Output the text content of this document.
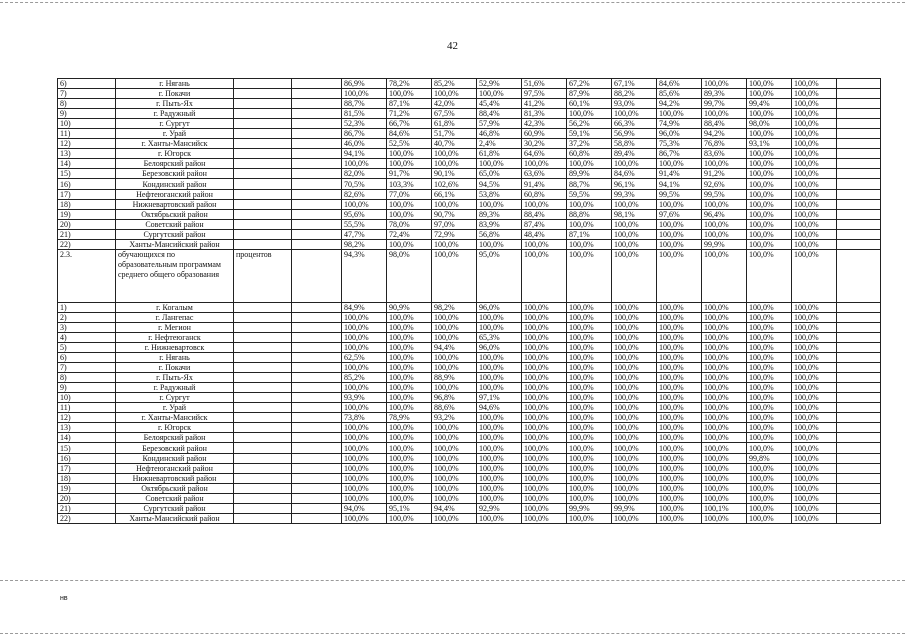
42
6)	г. Нягань			86,9%	78,2%	85,2%	52,9%	51,6%	67,2%	67,1%	84,6%	100,0%	100,0%	100,0%	
7)	г. Покачи			100,0%	100,0%	100,0%	100,0%	97,5%	87,9%	88,2%	85,6%	89,3%	100,0%	100,0%	
8)	г. Пыть-Ях			88,7%	87,1%	42,0%	45,4%	41,2%	60,1%	93,0%	94,2%	99,7%	99,4%	100,0%	
9)	г. Радужный			81,5%	71,2%	67,5%	88,4%	81,3%	100,0%	100,0%	100,0%	100,0%	100,0%	100,0%	
10)	г. Сургут			52,3%	66,7%	61,8%	57,9%	42,3%	56,2%	66,3%	74,9%	88,4%	98,0%	100,0%	
11)	г. Урай			86,7%	84,6%	51,7%	46,8%	60,9%	59,1%	56,9%	96,0%	94,2%	100,0%	100,0%	
12)	г. Ханты-Мансийск			46,0%	52,5%	40,7%	2,4%	30,2%	37,2%	58,8%	75,3%	76,8%	93,1%	100,0%	
13)	г. Югорск			94,1%	100,0%	100,0%	61,8%	64,6%	60,8%	89,4%	86,7%	83,6%	100,0%	100,0%	
14)	Белоярский район			100,0%	100,0%	100,0%	100,0%	100,0%	100,0%	100,0%	100,0%	100,0%	100,0%	100,0%	
15)	Березовский район			82,0%	91,7%	90,1%	65,0%	63,6%	89,9%	84,6%	91,4%	91,2%	100,0%	100,0%	
16)	Кондинский район			70,5%	103,3%	102,6%	94,5%	91,4%	88,7%	96,1%	94,1%	92,6%	100,0%	100,0%	
17)	Нефтеюганский район			82,6%	77,0%	66,1%	53,8%	60,8%	59,5%	99,3%	99,5%	99,5%	100,0%	100,0%	
18)	Нижневартовский район			100,0%	100,0%	100,0%	100,0%	100,0%	100,0%	100,0%	100,0%	100,0%	100,0%	100,0%	
19)	Октябрьский район			95,6%	100,0%	90,7%	89,3%	88,4%	88,8%	98,1%	97,6%	96,4%	100,0%	100,0%	
20)	Советский район			55,5%	78,0%	97,0%	83,9%	87,4%	100,0%	100,0%	100,0%	100,0%	100,0%	100,0%	
21)	Сургутский район			47,7%	72,4%	72,9%	56,8%	48,4%	87,1%	100,0%	100,0%	100,0%	100,0%	100,0%	
22)	Ханты-Мансийский район			98,2%	100,0%	100,0%	100,0%	100,0%	100,0%	100,0%	100,0%	99,9%	100,0%	100,0%	
2.3.	обучающихся по образовательным программам среднего общего образования	процентов		94,3%	98,0%	100,0%	95,0%	100,0%	100,0%	100,0%	100,0%	100,0%	100,0%	100,0%	
1)	г. Когалым			84,9%	90,9%	98,2%	96,0%	100,0%	100,0%	100,0%	100,0%	100,0%	100,0%	100,0%	
2)	г. Лангепас			100,0%	100,0%	100,0%	100,0%	100,0%	100,0%	100,0%	100,0%	100,0%	100,0%	100,0%	
3)	г. Мегион			100,0%	100,0%	100,0%	100,0%	100,0%	100,0%	100,0%	100,0%	100,0%	100,0%	100,0%	
4)	г. Нефтеюганск			100,0%	100,0%	100,0%	65,3%	100,0%	100,0%	100,0%	100,0%	100,0%	100,0%	100,0%	
5)	г. Нижневартовск			100,0%	100,0%	94,4%	96,0%	100,0%	100,0%	100,0%	100,0%	100,0%	100,0%	100,0%	
6)	г. Нягань			62,5%	100,0%	100,0%	100,0%	100,0%	100,0%	100,0%	100,0%	100,0%	100,0%	100,0%	
7)	г. Покачи			100,0%	100,0%	100,0%	100,0%	100,0%	100,0%	100,0%	100,0%	100,0%	100,0%	100,0%	
8)	г. Пыть-Ях			85,2%	100,0%	88,9%	100,0%	100,0%	100,0%	100,0%	100,0%	100,0%	100,0%	100,0%	
9)	г. Радужный			100,0%	100,0%	100,0%	100,0%	100,0%	100,0%	100,0%	100,0%	100,0%	100,0%	100,0%	
10)	г. Сургут			93,9%	100,0%	96,8%	97,1%	100,0%	100,0%	100,0%	100,0%	100,0%	100,0%	100,0%	
11)	г. Урай			100,0%	100,0%	88,6%	94,6%	100,0%	100,0%	100,0%	100,0%	100,0%	100,0%	100,0%	
12)	г. Ханты-Мансийск			73,8%	78,9%	93,2%	100,0%	100,0%	100,0%	100,0%	100,0%	100,0%	100,0%	100,0%	
13)	г. Югорск			100,0%	100,0%	100,0%	100,0%	100,0%	100,0%	100,0%	100,0%	100,0%	100,0%	100,0%	
14)	Белоярский район			100,0%	100,0%	100,0%	100,0%	100,0%	100,0%	100,0%	100,0%	100,0%	100,0%	100,0%	
15)	Березовский район			100,0%	100,0%	100,0%	100,0%	100,0%	100,0%	100,0%	100,0%	100,0%	100,0%	100,0%	
16)	Кондинский район			100,0%	100,0%	100,0%	100,0%	100,0%	100,0%	100,0%	100,0%	100,0%	99,8%	100,0%	
17)	Нефтеюганский район			100,0%	100,0%	100,0%	100,0%	100,0%	100,0%	100,0%	100,0%	100,0%	100,0%	100,0%	
18)	Нижневартовский район			100,0%	100,0%	100,0%	100,0%	100,0%	100,0%	100,0%	100,0%	100,0%	100,0%	100,0%	
19)	Октябрьский район			100,0%	100,0%	100,0%	100,0%	100,0%	100,0%	100,0%	100,0%	100,0%	100,0%	100,0%	
20)	Советский район			100,0%	100,0%	100,0%	100,0%	100,0%	100,0%	100,0%	100,0%	100,0%	100,0%	100,0%	
21)	Сургутский район			94,0%	95,1%	94,4%	92,9%	100,0%	99,9%	99,9%	100,0%	100,1%	100,0%	100,0%	
22)	Ханты-Мансийский район			100,0%	100,0%	100,0%	100,0%	100,0%	100,0%	100,0%	100,0%	100,0%	100,0%	100,0%	
нв
